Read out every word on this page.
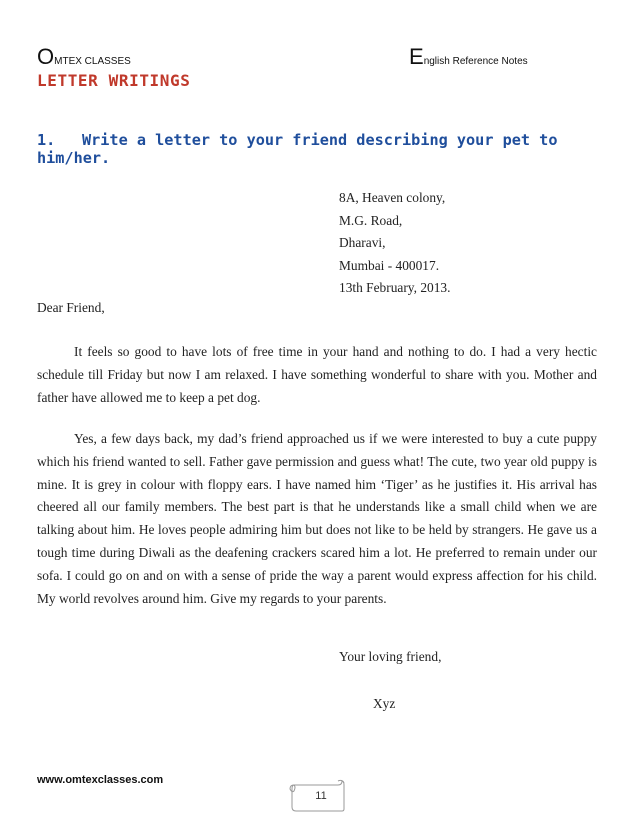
OMTEX CLASSES	English Reference Notes
LETTER WRITINGS
1. Write a letter to your friend describing your pet to him/her.
8A, Heaven colony,
M.G. Road,
Dharavi,
Mumbai - 400017.
13th February, 2013.
Dear Friend,

It feels so good to have lots of free time in your hand and nothing to do. I had a very hectic schedule till Friday but now I am relaxed. I have something wonderful to share with you. Mother and father have allowed me to keep a pet dog.

Yes, a few days back, my dad’s friend approached us if we were interested to buy a cute puppy which his friend wanted to sell. Father gave permission and guess what! The cute, two year old puppy is mine. It is grey in colour with floppy ears. I have named him ‘Tiger’ as he justifies it. His arrival has cheered all our family members. The best part is that he understands like a small child when we are talking about him. He loves people admiring him but does not like to be held by strangers. He gave us a tough time during Diwali as the deafening crackers scared him a lot. He preferred to remain under our sofa. I could go on and on with a sense of pride the way a parent would express affection for his child. My world revolves around him. Give my regards to your parents.

Your loving friend,
Xyz
www.omtexclasses.com
11
